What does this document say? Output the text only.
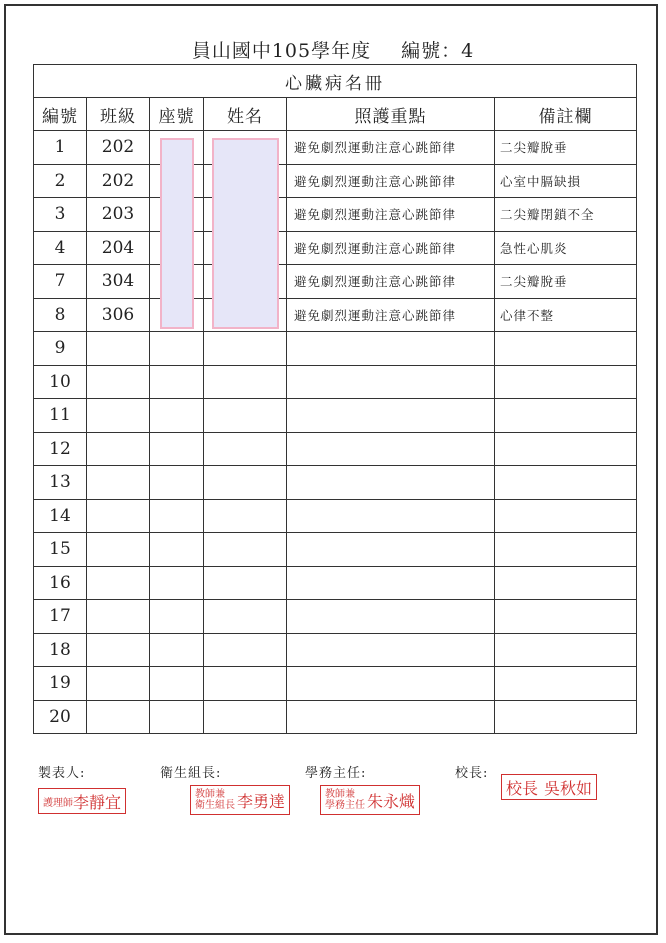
員山國中105學年度 編號：4
心臟病名冊					
編號	班級	座號	姓名	照護重點	備註欄
1	202			避免劇烈運動注意心跳節律	二尖瓣脫垂
2	202			避免劇烈運動注意心跳節律	心室中膈缺損
3	203			避免劇烈運動注意心跳節律	二尖瓣閉鎖不全
4	204			避免劇烈運動注意心跳節律	急性心肌炎
7	304			避免劇烈運動注意心跳節律	二尖瓣脫垂
8	306			避免劇烈運動注意心跳節律	心律不整
9					
10					
11					
12					
13					
14					
15					
16					
17					
18					
19					
20					
製表人:	衛生組長:	學務主任:	校長:
護理師 李靜宜	教師兼
衛生組長 李勇達	教師兼
學務主任 朱永熾
校長 吳秋如
